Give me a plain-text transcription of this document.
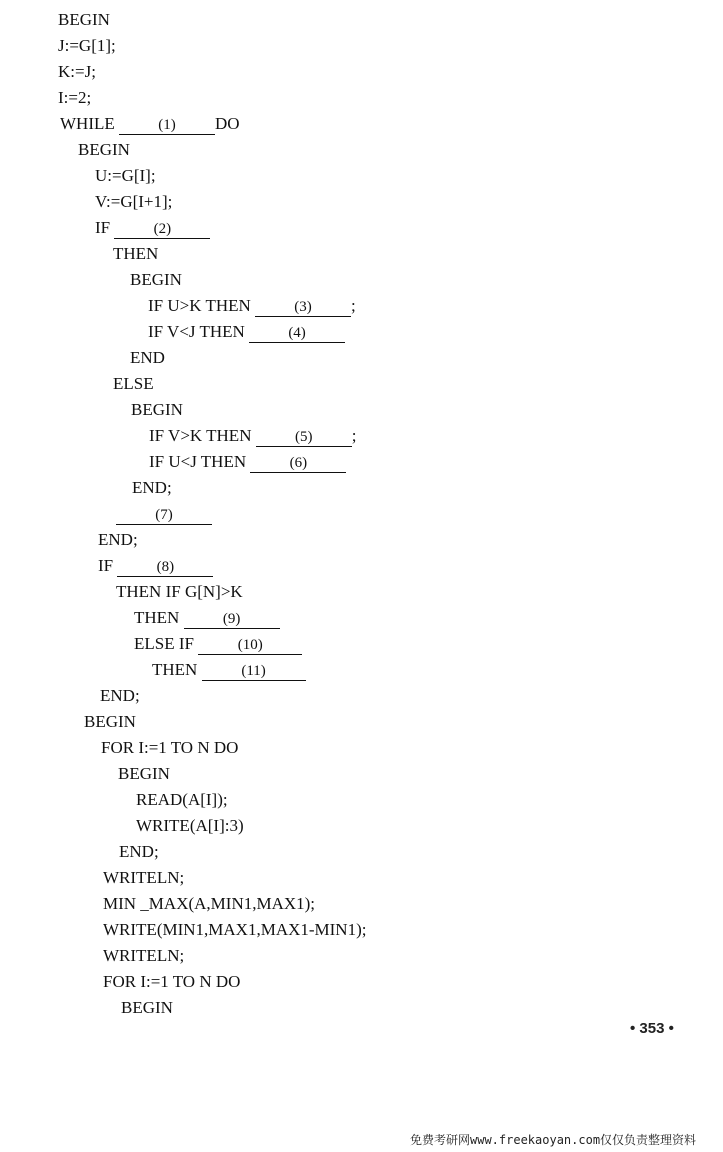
BEGIN
J:=G[1];
K:=J;
I:=2;
WHILE	(1) DO
BEGIN
U:=G[I];
V:=G[I+1];
IF	(2)
THEN
BEGIN
IF U>K THEN	(3) ;
IF V<J THEN	(4)
END
ELSE
BEGIN
IF V>K THEN	(5) ;
IF U<J THEN	(6)
END;
(7)
END;
IF	(8)
THEN IF G[N]>K
THEN	(9)
ELSE IF	(10)
THEN	(11)
END;
BEGIN
FOR I:=1 TO N DO
BEGIN
READ(A[I]);
WRITE(A[I]:3)
END;
WRITELN;
MIN _MAX(A,MIN1,MAX1);
WRITE(MIN1,MAX1,MAX1-MIN1);
WRITELN;
FOR I:=1 TO N DO
BEGIN
• 353 •
免费考研网www.freekaoyan.com仅仅负责整理资料
